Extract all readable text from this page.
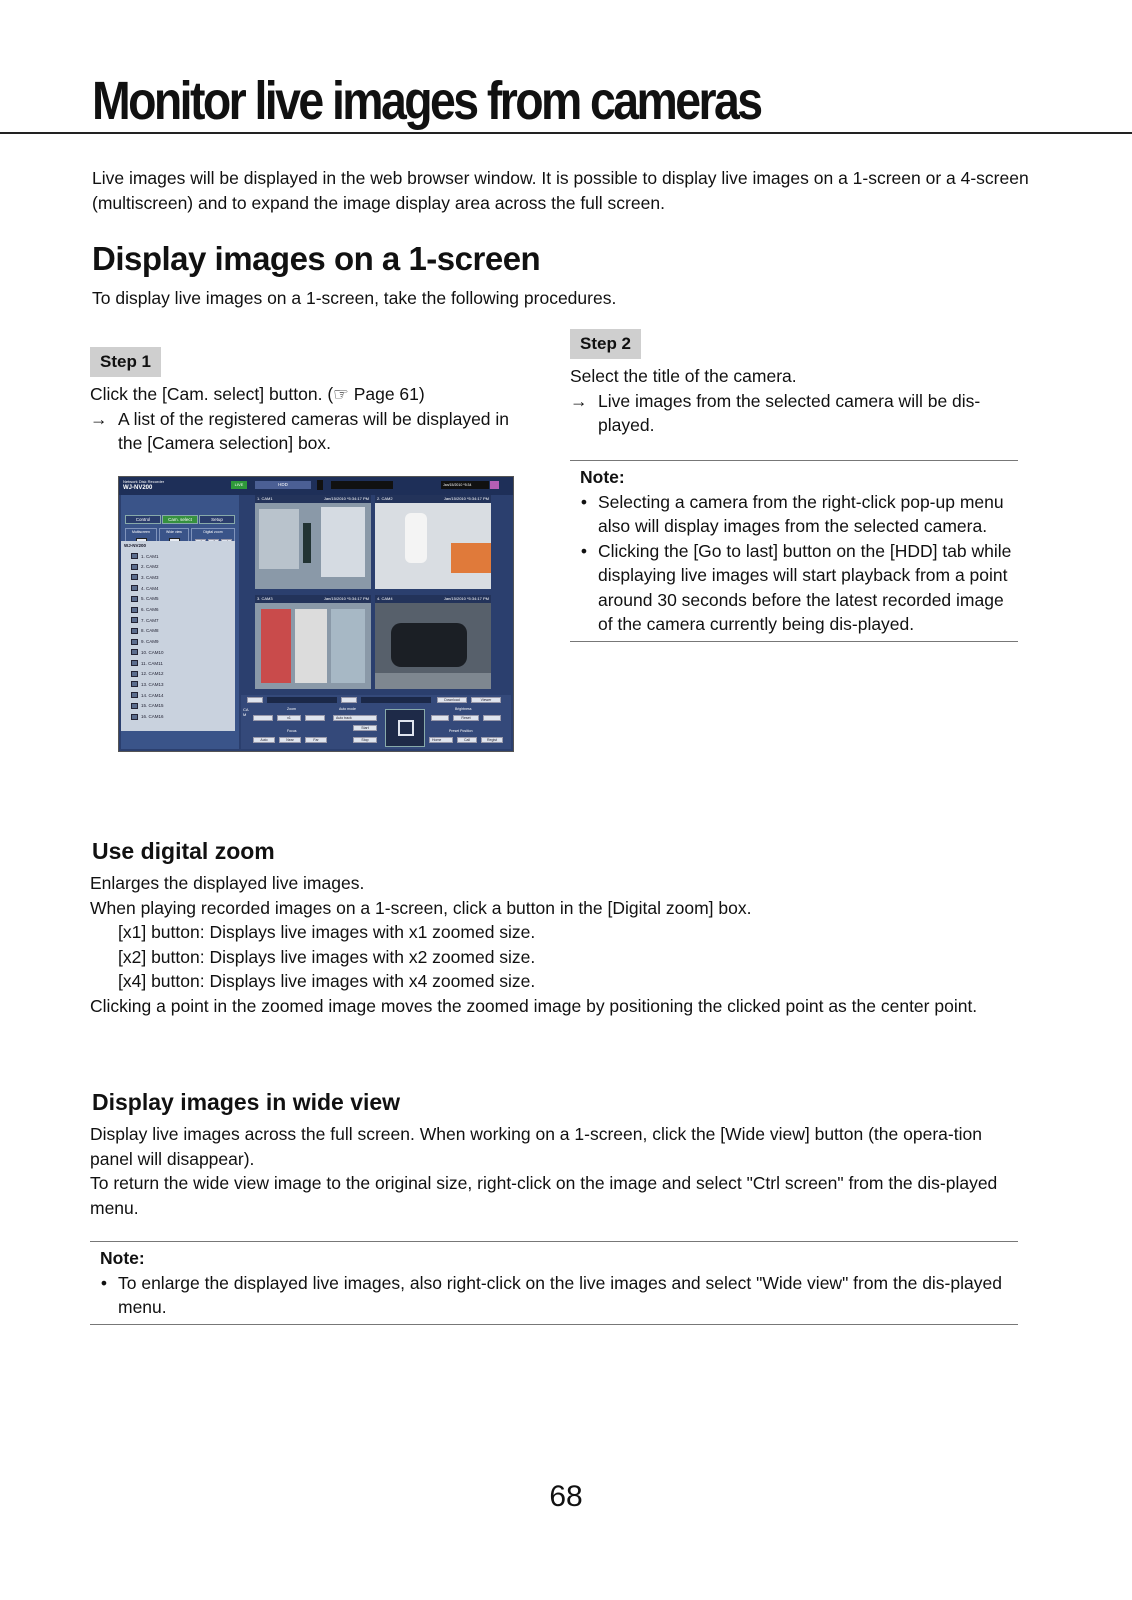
Monitor live images from cameras

Live images will be displayed in the web browser window. It is possible to display live images on a 1-screen or a 4-screen (multiscreen) and to expand the image display area across the full screen.

Display images on a 1-screen

To display live images on a 1-screen, take the following procedures.

Step 1

Click the [Cam. select] button. (☞ Page 61)

→ A list of the registered cameras will be displayed in the [Camera selection] box.
Step 2

Select the title of the camera.

→ Live images from the selected camera will be dis-played.
Note:
• Selecting a camera from the right-click pop-up menu also will display images from the selected camera.
• Clicking the [Go to last] button on the [HDD] tab while displaying live images will start playback from a point around 30 seconds before the latest recorded image of the camera currently being dis-played.
Network Disk Recorder
WJ-NV200
LIVE	HDD	Jan/15/2010 *5:34
Control	Cam. select	Setup
Multiscreen	Wide view	Digital zoom
WJ-NV200
1. CAM1
2. CAM2
3. CAM3
4. CAM4
5. CAM5
6. CAM6
7. CAM7
8. CAM8
9. CAM9
10. CAM10
11. CAM11
12. CAM12
13. CAM13
14. CAM14
15. CAM15
16. CAM16
1. CAM1	Jan/15/2010 *5:34:17 PM	2. CAM2	Jan/15/2010 *5:34:17 PM
3. CAM3	Jan/15/2010 *5:34:17 PM	4. CAM4	Jan/15/2010 *5:34:17 PM
Download	Viewer
CAM
Zoom
x1
Focus
Auto	Near	Far
Auto mode
Auto track
Start
Stop
Brightness
Reset
Preset Position
Home	Call	Regist
Use digital zoom

Enlarges the displayed live images.

When playing recorded images on a 1-screen, click a button in the [Digital zoom] box.

[x1] button: Displays live images with x1 zoomed size.

[x2] button: Displays live images with x2 zoomed size.

[x4] button: Displays live images with x4 zoomed size.

Clicking a point in the zoomed image moves the zoomed image by positioning the clicked point as the center point.

Display images in wide view

Display live images across the full screen. When working on a 1-screen, click the [Wide view] button (the opera-tion panel will disappear).

To return the wide view image to the original size, right-click on the image and select "Ctrl screen" from the dis-played menu.

Note:
• To enlarge the displayed live images, also right-click on the live images and select "Wide view" from the dis-played menu.
68
